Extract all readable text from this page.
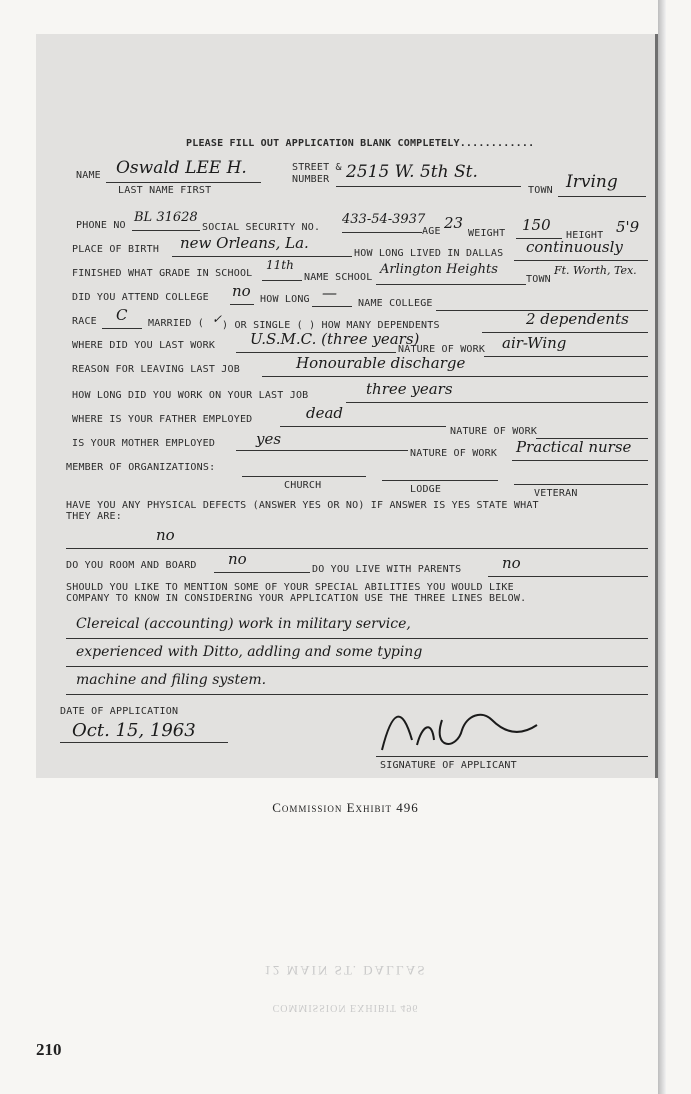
PLEASE FILL OUT APPLICATION BLANK COMPLETELY............
NAME Oswald LEE H.
LAST NAME FIRST
STREET &
NUMBER 2515 W. 5th St.
TOWN Irving
PHONE NO
BL 31628
SOCIAL SECURITY NO.
433-54-3937
AGE 23
WEIGHT 150
HEIGHT 5'9
PLACE OF BIRTH new Orleans, La.
HOW LONG LIVED IN DALLAS continuously
FINISHED WHAT GRADE IN SCHOOL
11th
NAME SCHOOL
Arlington Heights
TOWN
Ft. Worth, Tex.
DID YOU ATTEND COLLEGE no HOW LONG —
NAME COLLEGE
RACE C MARRIED ( ✓ ) OR SINGLE ( ) HOW MANY DEPENDENTS	2 dependents
WHERE DID YOU LAST WORK U.S.M.C. (three years)
NATURE OF WORK air-Wing
REASON FOR LEAVING LAST JOB	Honourable discharge
HOW LONG DID YOU WORK ON YOUR LAST JOB	three years
WHERE IS YOUR FATHER EMPLOYED	dead
NATURE OF WORK
IS YOUR MOTHER EMPLOYED	yes
NATURE OF WORK Practical nurse
MEMBER OF ORGANIZATIONS:
CHURCH	LODGE	VETERAN
HAVE YOU ANY PHYSICAL DEFECTS (ANSWER YES OR NO) IF ANSWER IS YES STATE WHAT
THEY ARE:
no
DO YOU ROOM AND BOARD no
DO YOU LIVE WITH PARENTS	no
SHOULD YOU LIKE TO MENTION SOME OF YOUR SPECIAL ABILITIES YOU WOULD LIKE
COMPANY TO KNOW IN CONSIDERING YOUR APPLICATION USE THE THREE LINES BELOW.
Clereical (accounting) work in military service,
experienced with Ditto, addling and some typing
machine and filing system.
DATE OF APPLICATION
Oct. 15, 1963
SIGNATURE OF APPLICANT
Commission Exhibit 496
12 MAIN ST. DALLAS
COMMISSION EXHIBIT 496
210
